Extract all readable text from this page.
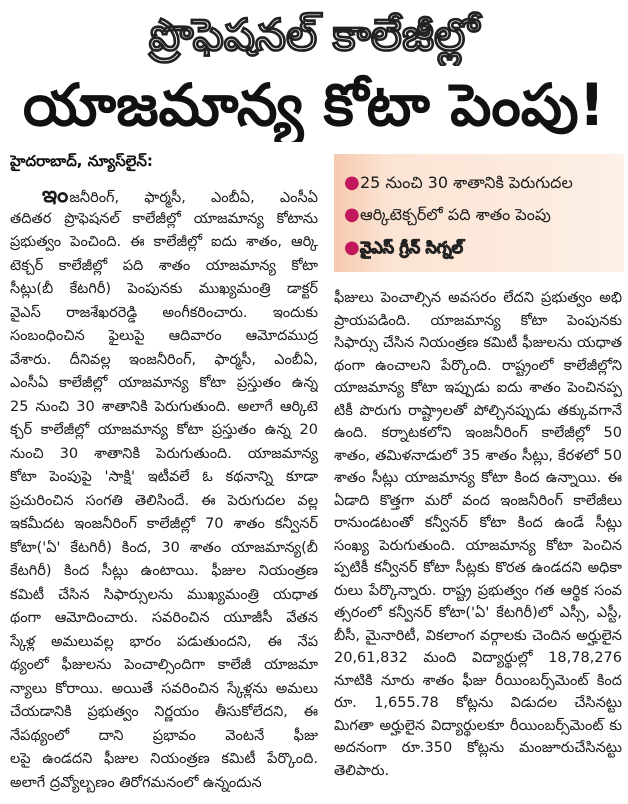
ప్రొఫెషనల్ కాలేజీల్లో
యాజమాన్య కోటా పెంపు!
హైదరాబాద్, న్యూస్‌లైన్:
●25 నుంచి 30 శాతానికి పెరుగుదల
●ఆర్కిటెక్చర్‌లో పది శాతం పెంపు
●వైఎస్ గ్రీన్ సిగ్నల్
ఇంజనీరింగ్, ఫార్మసీ, ఎంబీఏ, ఎంసీఏ
తదితర ప్రొఫెషనల్ కాలేజీల్లో యాజమాన్య కోటాను
ప్రభుత్వం పెంచింది. ఈ కాలేజీల్లో ఐదు శాతం, ఆర్కి
టెక్చర్ కాలేజీల్లో పది శాతం యాజమాన్య కోటా
సీట్లు(బీ కేటగిరీ) పెంపునకు ముఖ్యమంత్రి డాక్టర్
వైఎస్ రాజశేఖరరెడ్డి అంగీకరించారు. ఇందుకు
సంబంధించిన ఫైలుపై ఆదివారం ఆమోదముద్ర
వేశారు. దీనివల్ల ఇంజనీరింగ్, ఫార్మసీ, ఎంబీఏ,
ఎంసీఏ కాలేజీల్లో యాజమాన్య కోటా ప్రస్తుతం ఉన్న
25 నుంచి 30 శాతానికి పెరుగుతుంది. అలాగే ఆర్కిటె
క్చర్ కాలేజీల్లో యాజమాన్య కోటా ప్రస్తుతం ఉన్న 20
నుంచి 30 శాతానికి పెరుగుతుంది. యాజమాన్య
కోటా పెంపుపై 'సాక్షి' ఇటీవలే ఓ కథనాన్ని కూడా
ప్రచురించిన సంగతి తెలిసిందే. ఈ పెరుగుదల వల్ల
ఇకమీదట ఇంజనీరింగ్ కాలేజీల్లో 70 శాతం కన్వీనర్
కోటా('ఏ' కేటగిరీ) కింద, 30 శాతం యాజమాన్య(బీ
కేటగిరీ) కింద సీట్లు ఉంటాయి. ఫీజుల నియంత్రణ
కమిటీ చేసిన సిఫార్సులను ముఖ్యమంత్రి యధాత
థంగా ఆమోదించారు. సవరించిన యూజీసీ వేతన
స్కేళ్ల అమలువల్ల భారం పడుతుందని, ఈ నేప
థ్యంలో ఫీజులను పెంచాల్సిందిగా కాలేజీ యాజమా
న్యాలు కోరాయి. అయితే సవరించిన స్కేళ్లను అమలు
చేయడానికి ప్రభుత్వం నిర్ణయం తీసుకోలేదని, ఈ
నేపథ్యంలో దాని ప్రభావం వెంటనే ఫీజు
లపై ఉండదని ఫీజుల నియంత్రణ కమిటీ పేర్కొంది.
అలాగే ద్రవ్యోల్బణం తిరోగమనంలో ఉన్నందున
ఫీజులు పెంచాల్సిన అవసరం లేదని ప్రభుత్వం అభి
ప్రాయపడింది. యాజమాన్య కోటా పెంపునకు
సిఫార్సు చేసిన నియంత్రణ కమిటీ ఫీజులను యధాత
థంగా ఉంచాలని పేర్కొంది. రాష్ట్రంలో కాలేజీల్లోని
యాజమాన్య కోటా ఇప్పుడు ఐదు శాతం పెంచినప్ప
టికీ పొరుగు రాష్ట్రాలతో పోల్చినప్పుడు తక్కువగానే
ఉంది. కర్నాటకలోని ఇంజనీరింగ్ కాలేజీల్లో 50
శాతం, తమిళనాడులో 35 శాతం సీట్లు, కేరళలో 50
శాతం సీట్లు యాజమాన్య కోటా కింద ఉన్నాయి. ఈ
ఏడాది కొత్తగా మరో వంద ఇంజనీరింగ్ కాలేజీలు
రానుండటంతో కన్వీనర్ కోటా కింద ఉండే సీట్లు
సంఖ్య పెరుగుతుంది. యాజమాన్య కోటా పెంచిన
ప్పటికీ కన్వీనర్ కోటా సీట్లకు కొరత ఉండదని అధికా
రులు పేర్కొన్నారు. రాష్ట్ర ప్రభుత్వం గత ఆర్థిక సంవ
త్సరంలో కన్వీనర్ కోటా('ఏ' కేటగిరీ)లో ఎస్సీ, ఎస్టీ,
బీసీ, మైనారిటీ, వికలాంగ వర్గాలకు చెందిన అర్హులైన
20,61,832 మంది విద్యార్థుల్లో 18,78,276
నూటికి నూరు శాతం ఫీజు రీయింబర్స్‌మెంట్ కింద
రూ. 1,655.78 కోట్లను విడుదల చేసినట్టు
మిగతా అర్హులైన విద్యార్థులకూ రీయింబర్స్‌మెంట్ కు
అదనంగా రూ.350 కోట్లను మంజూరుచేసినట్టు
తెలిపారు.
